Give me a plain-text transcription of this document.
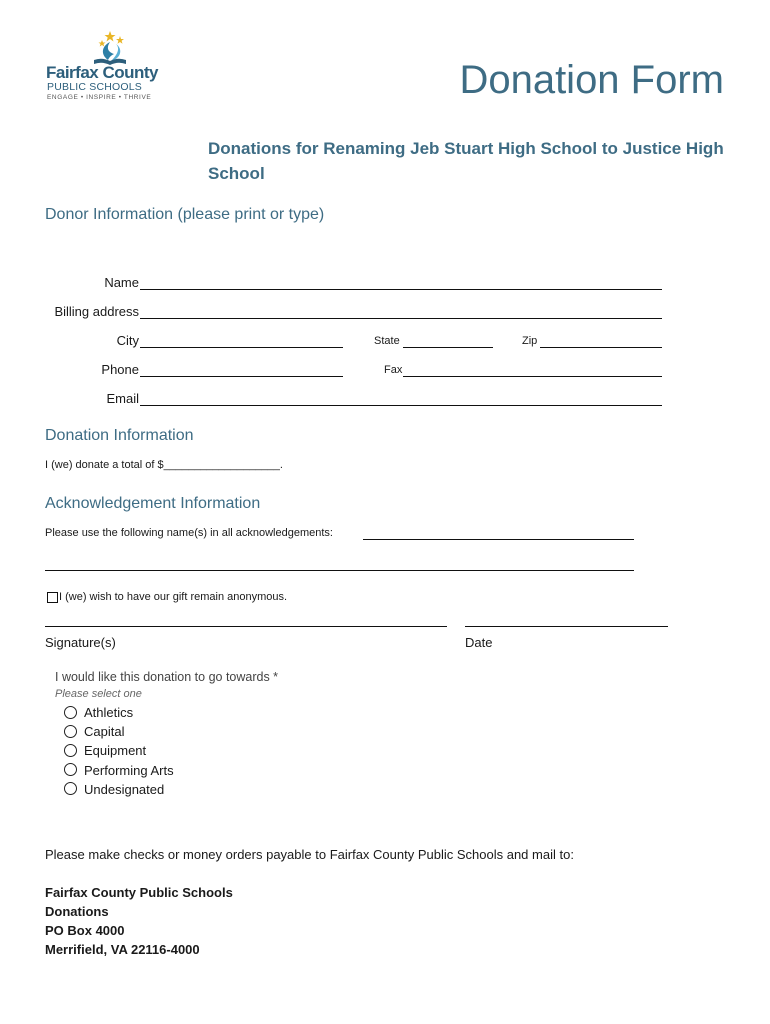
Fairfax County
PUBLIC SCHOOLS
ENGAGE • INSPIRE • THRIVE	Donation Form
Donations for Renaming Jeb Stuart High School to Justice High School
Donor Information (please print or type)
Name
Billing address
City	State	Zip
Phone	Fax
Email
Donation Information
I (we) donate a total of $___________________.
Acknowledgement Information
Please use the following name(s) in all acknowledgements:
I (we) wish to have our gift remain anonymous.
Signature(s)	Date
I would like this donation to go towards *
Please select one
Athletics
Capital
Equipment
Performing Arts
Undesignated
Please make checks or money orders payable to Fairfax County Public Schools and mail to:
Fairfax County Public Schools
Donations
PO Box 4000
Merrifield, VA 22116-4000
